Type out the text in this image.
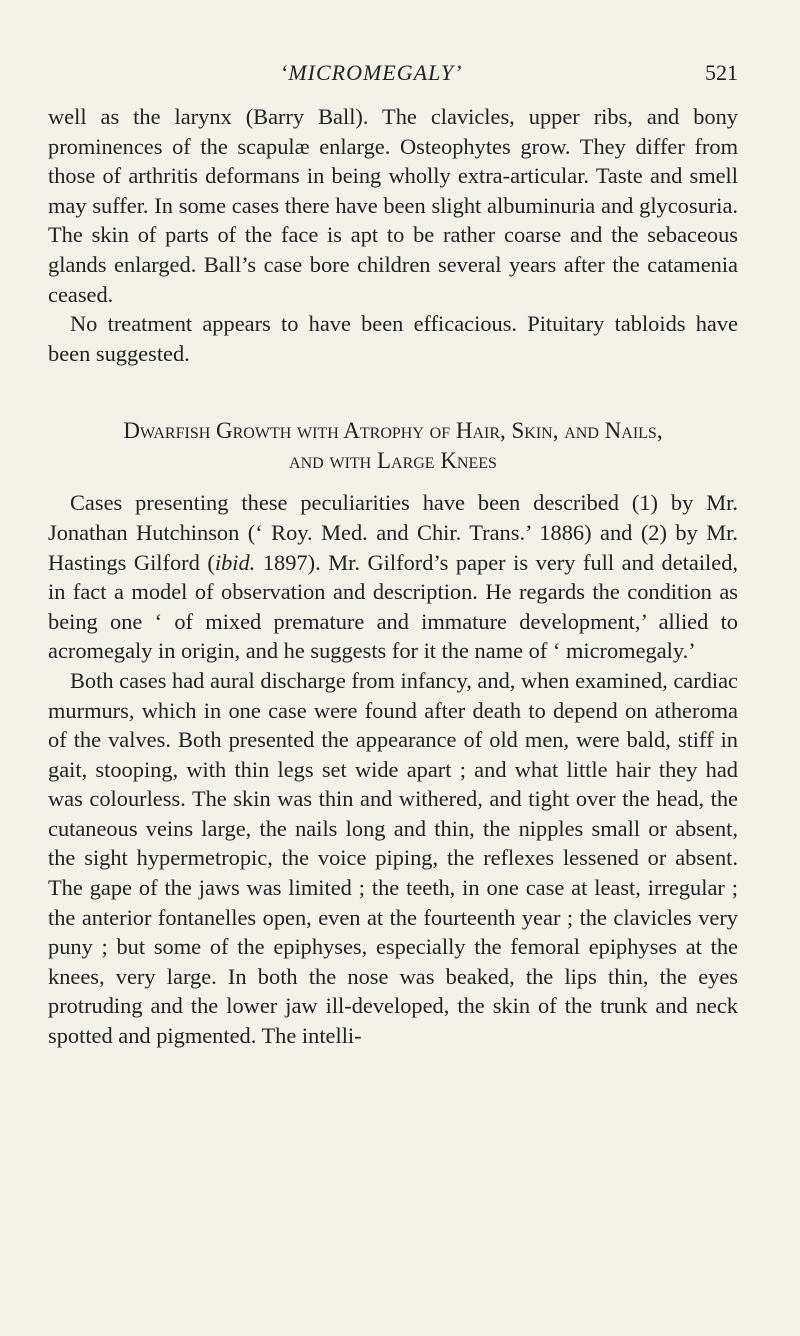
‘MICROMEGALY’	521

well as the larynx (Barry Ball). The clavicles, upper ribs, and bony prominences of the scapulæ enlarge. Osteophytes grow. They differ from those of arthritis deformans in being wholly extra-articular. Taste and smell may suffer. In some cases there have been slight albuminuria and glycosuria. The skin of parts of the face is apt to be rather coarse and the sebaceous glands enlarged. Ball’s case bore children several years after the catamenia ceased.

No treatment appears to have been efficacious. Pituitary tabloids have been suggested.

Dwarfish Growth with Atrophy of Hair, Skin, and Nails,
and with Large Knees

Cases presenting these peculiarities have been described (1) by Mr. Jonathan Hutchinson (‘ Roy. Med. and Chir. Trans.’ 1886) and (2) by Mr. Hastings Gilford (ibid. 1897). Mr. Gilford’s paper is very full and detailed, in fact a model of observation and description. He regards the condition as being one ‘ of mixed premature and immature development,’ allied to acromegaly in origin, and he suggests for it the name of ‘ micromegaly.’

Both cases had aural discharge from infancy, and, when examined, cardiac murmurs, which in one case were found after death to depend on atheroma of the valves. Both presented the appearance of old men, were bald, stiff in gait, stooping, with thin legs set wide apart ; and what little hair they had was colourless. The skin was thin and withered, and tight over the head, the cutaneous veins large, the nails long and thin, the nipples small or absent, the sight hypermetropic, the voice piping, the reflexes lessened or absent. The gape of the jaws was limited ; the teeth, in one case at least, irregular ; the anterior fontanelles open, even at the fourteenth year ; the clavicles very puny ; but some of the epiphyses, especially the femoral epiphyses at the knees, very large. In both the nose was beaked, the lips thin, the eyes protruding and the lower jaw ill-developed, the skin of the trunk and neck spotted and pigmented. The intelli-
